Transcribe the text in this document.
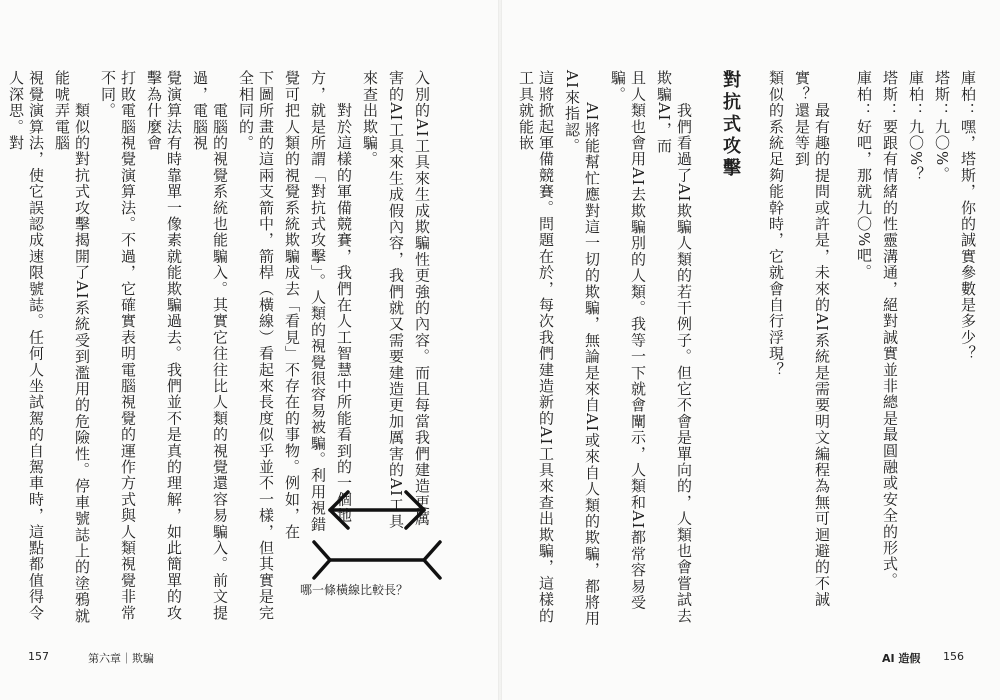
庫柏：嘿，塔斯，你的誠實參數是多少？
塔斯：九〇%。
庫柏：九〇%？
塔斯：要跟有情緒的性靈溝通，絕對誠實並非總是最圓融或安全的形式。
庫柏：好吧，那就九〇%吧。
　　最有趣的提問或許是，未來的AI系統是需要明文編程為無可迴避的不誠實？還是等到
類似的系統足夠能幹時，它就會自行浮現？
對抗式攻擊
　　我們看過了AI欺騙人類的若干例子。但它不會是單向的，人類也會嘗試去欺騙AI，而
且人類也會用AI去欺騙別的人類。我等一下就會闡示，人類和AI都常容易受騙。
　　AI將能幫忙應對這一切的欺騙，無論是來自AI或來自人類的欺騙，都將用AI來指認。
這將掀起軍備競賽。問題在於，每次我們建造新的AI工具來查出欺騙，這樣的工具就能嵌
AI 造假 156
入別的AI工具來生成欺騙性更強的內容。而且每當我們建造更厲
害的AI工具來生成假內容，我們就又需要建造更加厲害的AI工具
來查出欺騙。
　　對於這樣的軍備競賽，我們在人工智慧中所能看到的一個地
方，就是所謂「對抗式攻擊」。人類的視覺很容易被騙。利用視錯
覺可把人類的視覺系統欺騙成去「看見」不存在的事物。例如，在
下圖所畫的這兩支箭中，箭桿（橫線）看起來長度似乎並不一樣，但其實是完全相同的。
　　電腦的視覺系統也能騙入。其實它往往比人類的視覺還容易騙入。前文提過，電腦視
覺演算法有時靠單一像素就能欺騙過去。我們並不是真的理解，如此簡單的攻擊為什麼會
打敗電腦視覺演算法。不過，它確實表明電腦視覺的運作方式與人類視覺非常不同。
　　類似的對抗式攻擊揭開了AI系統受到濫用的危險性。停車號誌上的塗鴉就能唬弄電腦
視覺演算法，使它誤認成速限號誌。任何人坐試駕的自駕車時，這點都值得令人深思。對
哪一條橫線比較長？
157	第六章｜欺騙
